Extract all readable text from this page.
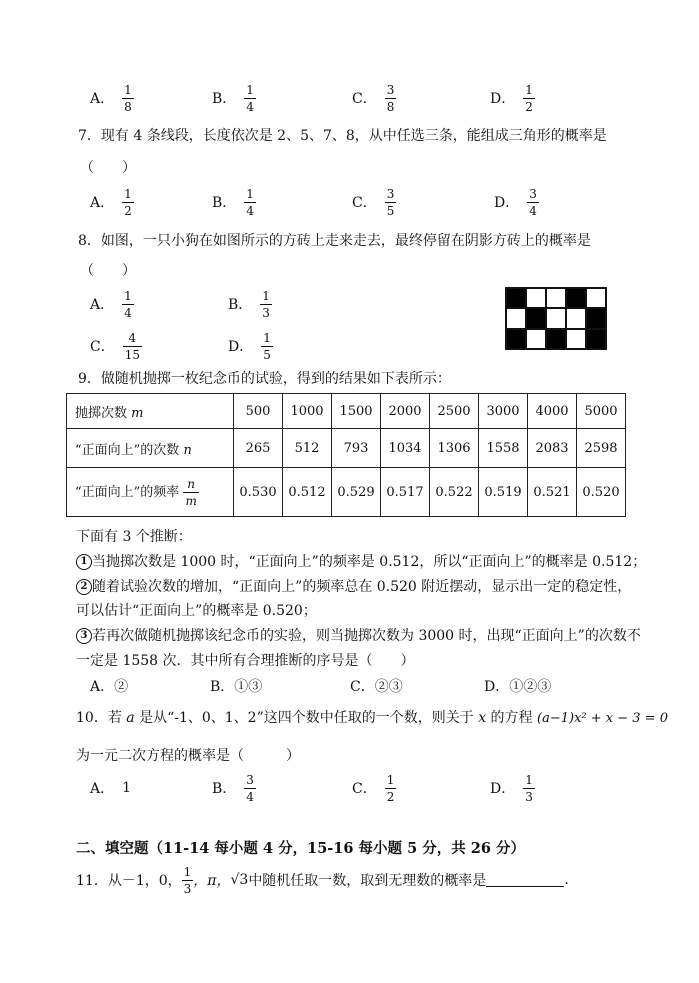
A． $\frac{1}{8}$	B． $\frac{1}{4}$	C． $\frac{3}{8}$	D． $\frac{1}{2}$
7．现有 4 条线段，长度依次是 2、5、7、8，从中任选三条，能组成三角形的概率是
（　　）
A． $\frac{1}{2}$	B． $\frac{1}{4}$	C． $\frac{3}{5}$	D． $\frac{3}{4}$
8．如图，一只小狗在如图所示的方砖上走来走去，最终停留在阴影方砖上的概率是
（　　）
A． $\frac{1}{4}$	B． $\frac{1}{3}$
C． $\frac{4}{15}$	D． $\frac{1}{5}$
9．做随机抛掷一枚纪念币的试验，得到的结果如下表所示：
抛掷次数 m	500	1000	1500	2000	2500	3000	4000	5000
“正面向上”的次数 n	265	512	793	1034	1306	1558	2083	2598
“正面向上”的频率 $\frac{n}{m}$	0.530	0.512	0.529	0.517	0.522	0.519	0.521	0.520
下面有 3 个推断：
1 当抛掷次数是 1000 时，“正面向上”的频率是 0.512，所以“正面向上”的概率是 0.512；
2 随着试验次数的增加，“正面向上”的频率总在 0.520 附近摆动，显示出一定的稳定性，
可以估计“正面向上”的概率是 0.520；
3 若再次做随机抛掷该纪念币的实验，则当抛掷次数为 3000 时，出现“正面向上”的次数不
一定是 1558 次．其中所有合理推断的序号是（　　）
A．②	B．①③	C．②③	D．①②③
10．若 a 是从“-1、0、1、2”这四个数中任取的一个数，则关于 x 的方程 (a−1)x² + x − 3 = 0
为一元二次方程的概率是（　　　）
A． 1	B． $\frac{3}{4}$	C． $\frac{1}{2}$	D． $\frac{1}{3}$
二、填空题（11-14 每小题 4 分，15-16 每小题 5 分，共 26 分）
11．从－1，0， $\frac{1}{3}$ ，π， √3 中随机任取一数，取到无理数的概率是	.
